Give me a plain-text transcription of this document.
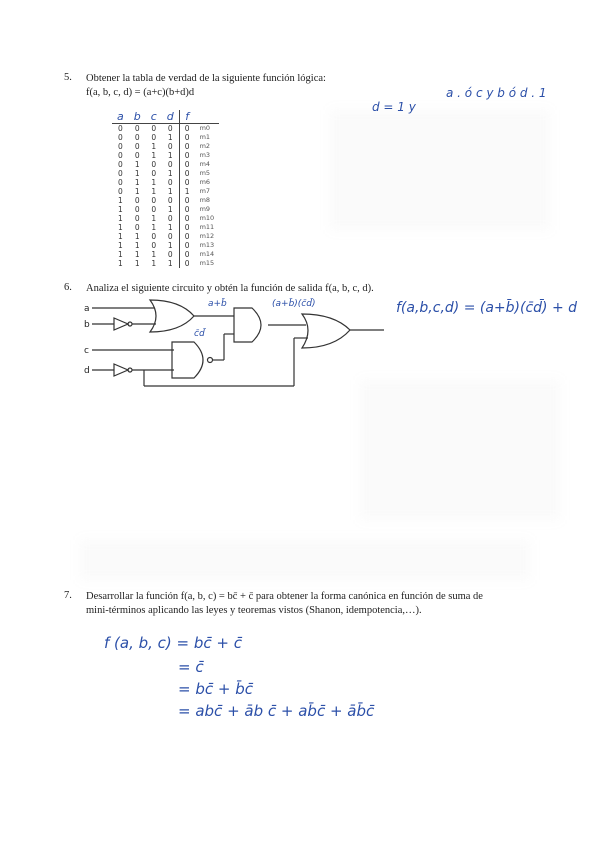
5. Obtener la tabla de verdad de la siguiente función lógica:
f(a, b, c, d) = (a+c)(b+d)d	a . ó c y b ó d . 1
d = 1 y
a	b	c	d	f	
0	0	0	0	0	m0
0	0	0	1	0	m1
0	0	1	0	0	m2
0	0	1	1	0	m3
0	1	0	0	0	m4
0	1	0	1	0	m5
0	1	1	0	0	m6
0	1	1	1	1	m7
1	0	0	0	0	m8
1	0	0	1	0	m9
1	0	1	0	0	m10
1	0	1	1	0	m11
1	1	0	0	0	m12
1	1	0	1	0	m13
1	1	1	0	0	m14
1	1	1	1	0	m15
6. Analiza el siguiente circuito y obtén la función de salida f(a, b, c, d).
a
b
c
d
a+b̄	(a+b̄)(c̄d̄)
c̄d̄
f(a,b,c,d) = (a+b̄)(c̄d̄) + d
7. Desarrollar la función f(a, b, c) = bc̄ + c̄ para obtener la forma canónica en función de suma de
mini-términos aplicando las leyes y teoremas vistos (Shanon, idempotencia,…).
f (a, b, c) = bc̄ + c̄
= c̄
= bc̄ + b̄c̄
= abc̄ + āb c̄ + ab̄c̄ + āb̄c̄
